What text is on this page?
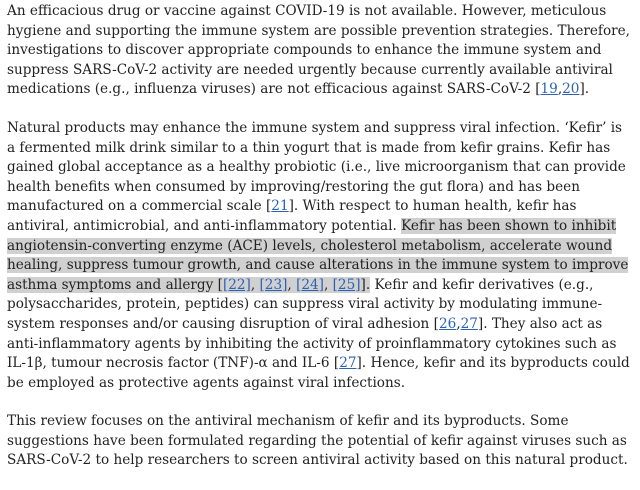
An efficacious drug or vaccine against COVID-19 is not available. However, meticulous hygiene and supporting the immune system are possible prevention strategies. Therefore, investigations to discover appropriate compounds to enhance the immune system and suppress SARS-CoV-2 activity are needed urgently because currently available antiviral medications (e.g., influenza viruses) are not efficacious against SARS-CoV-2 [19,20].

Natural products may enhance the immune system and suppress viral infection. ‘Kefir’ is a fermented milk drink similar to a thin yogurt that is made from kefir grains. Kefir has gained global acceptance as a healthy probiotic (i.e., live microorganism that can provide health benefits when consumed by improving/restoring the gut flora) and has been manufactured on a commercial scale [21]. With respect to human health, kefir has antiviral, antimicrobial, and anti-inflammatory potential. Kefir has been shown to inhibit angiotensin-converting enzyme (ACE) levels, cholesterol metabolism, accelerate wound healing, suppress tumour growth, and cause alterations in the immune system to improve asthma symptoms and allergy [[22], [23], [24], [25]]. Kefir and kefir derivatives (e.g., polysaccharides, protein, peptides) can suppress viral activity by modulating immune-system responses and/or causing disruption of viral adhesion [26,27]. They also act as anti-inflammatory agents by inhibiting the activity of proinflammatory cytokines such as IL-1β, tumour necrosis factor (TNF)-α and IL-6 [27]. Hence, kefir and its byproducts could be employed as protective agents against viral infections.

This review focuses on the antiviral mechanism of kefir and its byproducts. Some suggestions have been formulated regarding the potential of kefir against viruses such as SARS-CoV-2 to help researchers to screen antiviral activity based on this natural product.
